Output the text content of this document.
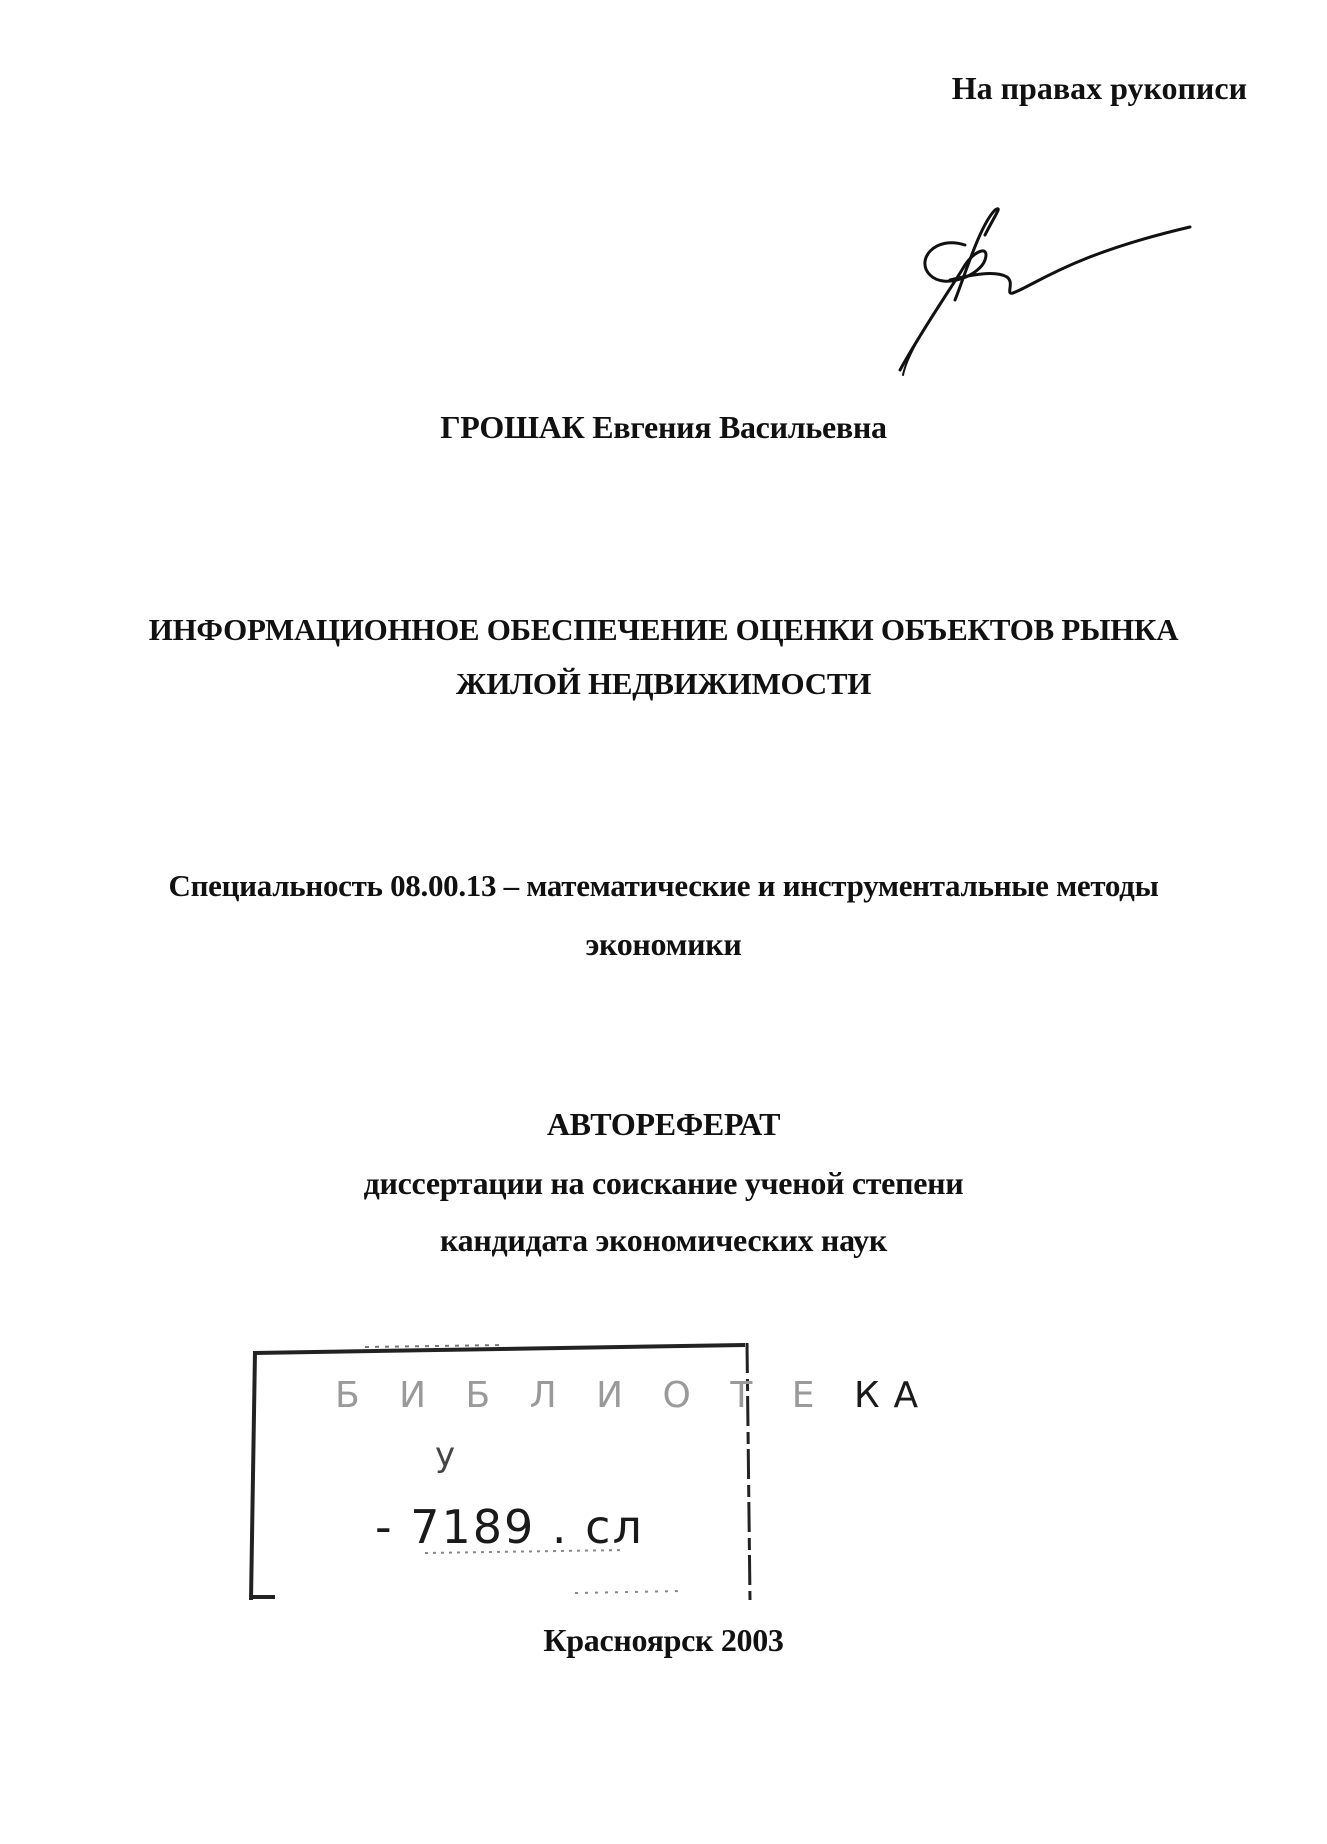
На правах рукописи
ГРОШАК Евгения Васильевна
ИНФОРМАЦИОННОЕ ОБЕСПЕЧЕНИЕ ОЦЕНКИ ОБЪЕКТОВ РЫНКА
ЖИЛОЙ НЕДВИЖИМОСТИ
Специальность 08.00.13 – математические и инструментальные методы
экономики
АВТОРЕФЕРАТ
диссертации на соискание ученой степени
кандидата экономических наук
Б И Б Л И О Т Е КА
у
- 7189 . сл
Красноярск 2003
